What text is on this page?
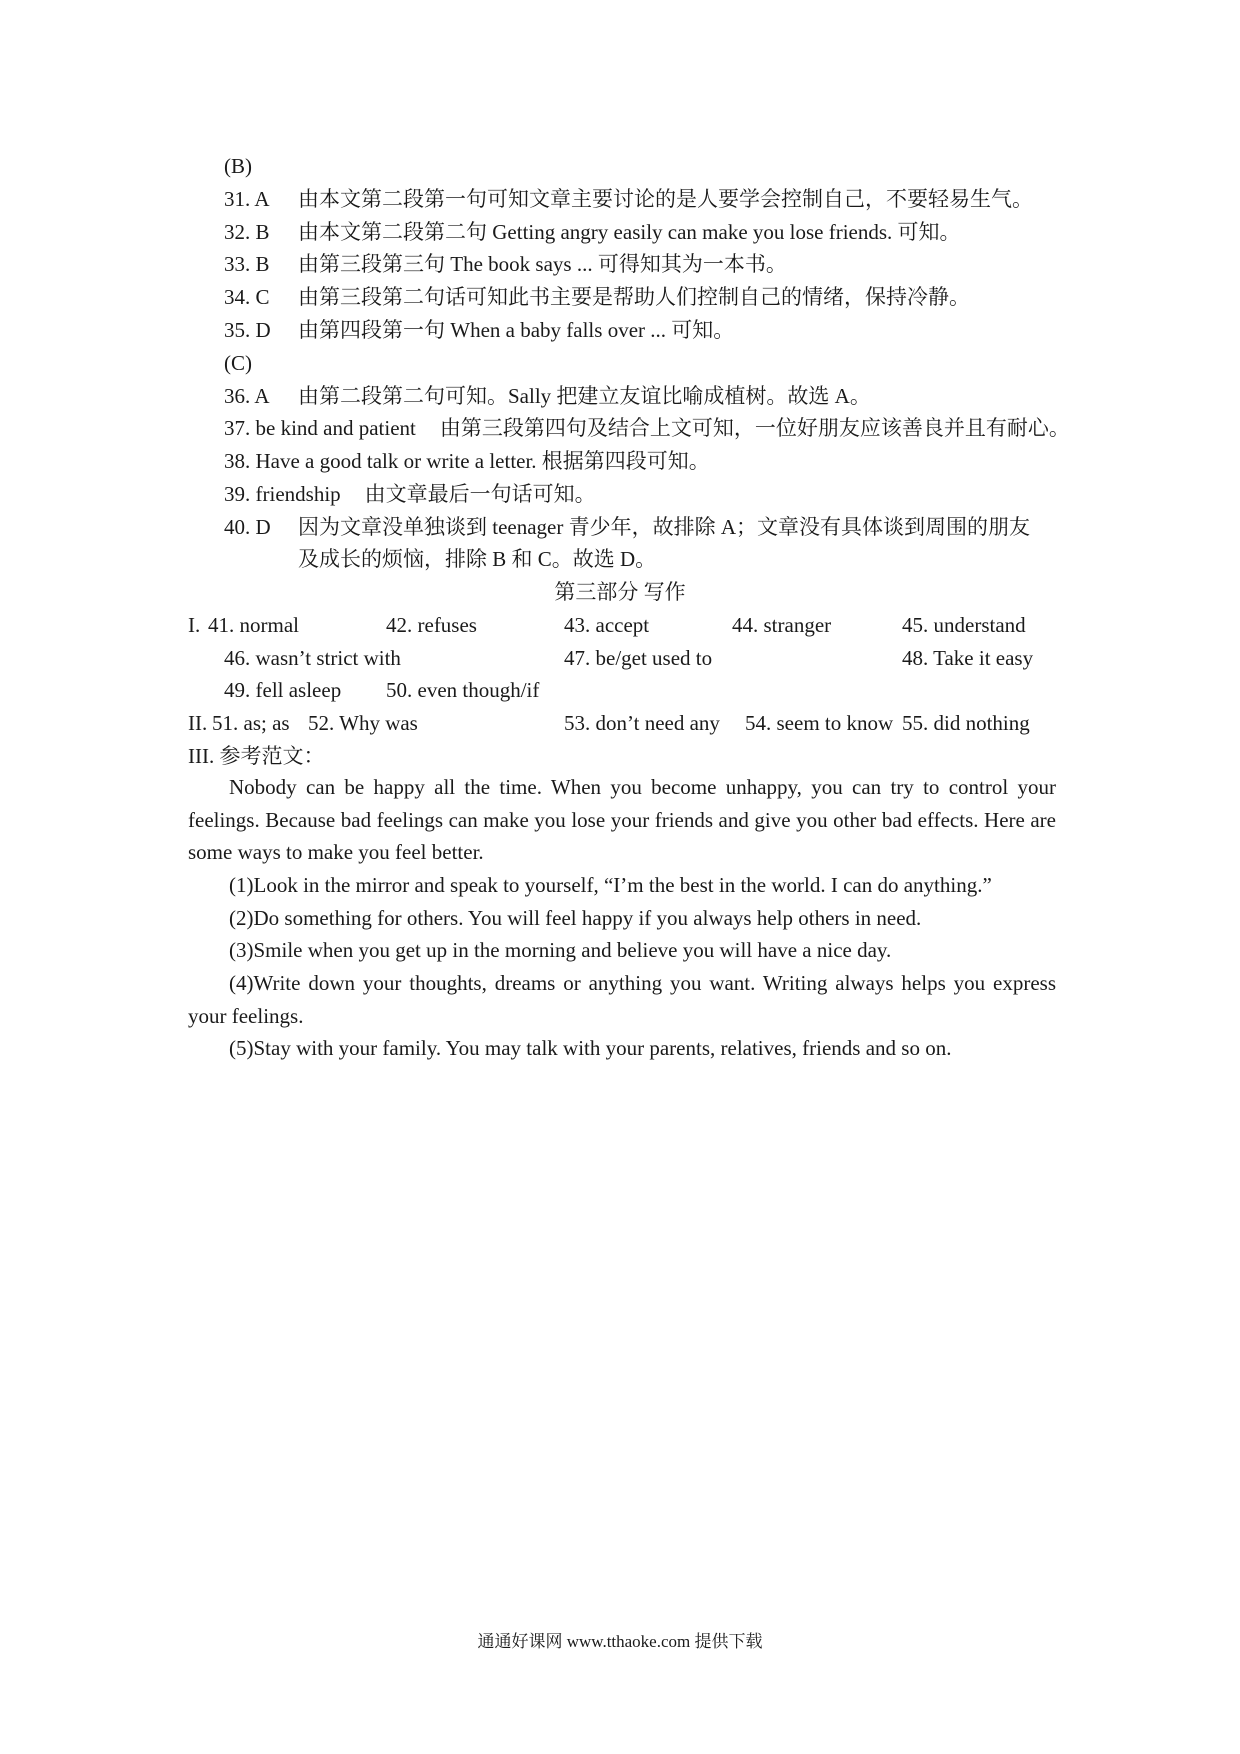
(B)
31. A 由本文第二段第一句可知文章主要讨论的是人要学会控制自己，不要轻易生气。
32. B 由本文第二段第二句 Getting angry easily can make you lose friends. 可知。
33. B 由第三段第三句 The book says ... 可得知其为一本书。
34. C 由第三段第二句话可知此书主要是帮助人们控制自己的情绪，保持冷静。
35. D 由第四段第一句 When a baby falls over ... 可知。
(C)
36. A 由第二段第二句可知。Sally 把建立友谊比喻成植树。故选 A。
37. be kind and patient 由第三段第四句及结合上文可知，一位好朋友应该善良并且有耐心。
38. Have a good talk or write a letter. 根据第四段可知。
39. friendship 由文章最后一句话可知。
40. D 因为文章没单独谈到 teenager 青少年，故排除 A；文章没有具体谈到周围的朋友
及成长的烦恼，排除 B 和 C。故选 D。
第三部分 写作
I. 41. normal	42. refuses	43. accept	44. stranger	45. understand
46. wasn’t strict with	47. be/get used to	48. Take it easy
49. fell asleep 50. even though/if
II. 51. as; as 52. Why was	53. don’t need any 54. seem to know 55. did nothing
III. 参考范文：
Nobody can be happy all the time. When you become unhappy, you can try to control your feelings. Because bad feelings can make you lose your friends and give you other bad effects. Here are some ways to make you feel better.
(1)Look in the mirror and speak to yourself, “I’m the best in the world. I can do anything.”
(2)Do something for others. You will feel happy if you always help others in need.
(3)Smile when you get up in the morning and believe you will have a nice day.
(4)Write down your thoughts, dreams or anything you want. Writing always helps you express your feelings.
(5)Stay with your family. You may talk with your parents, relatives, friends and so on.
通通好课网 www.tthaoke.com 提供下载
